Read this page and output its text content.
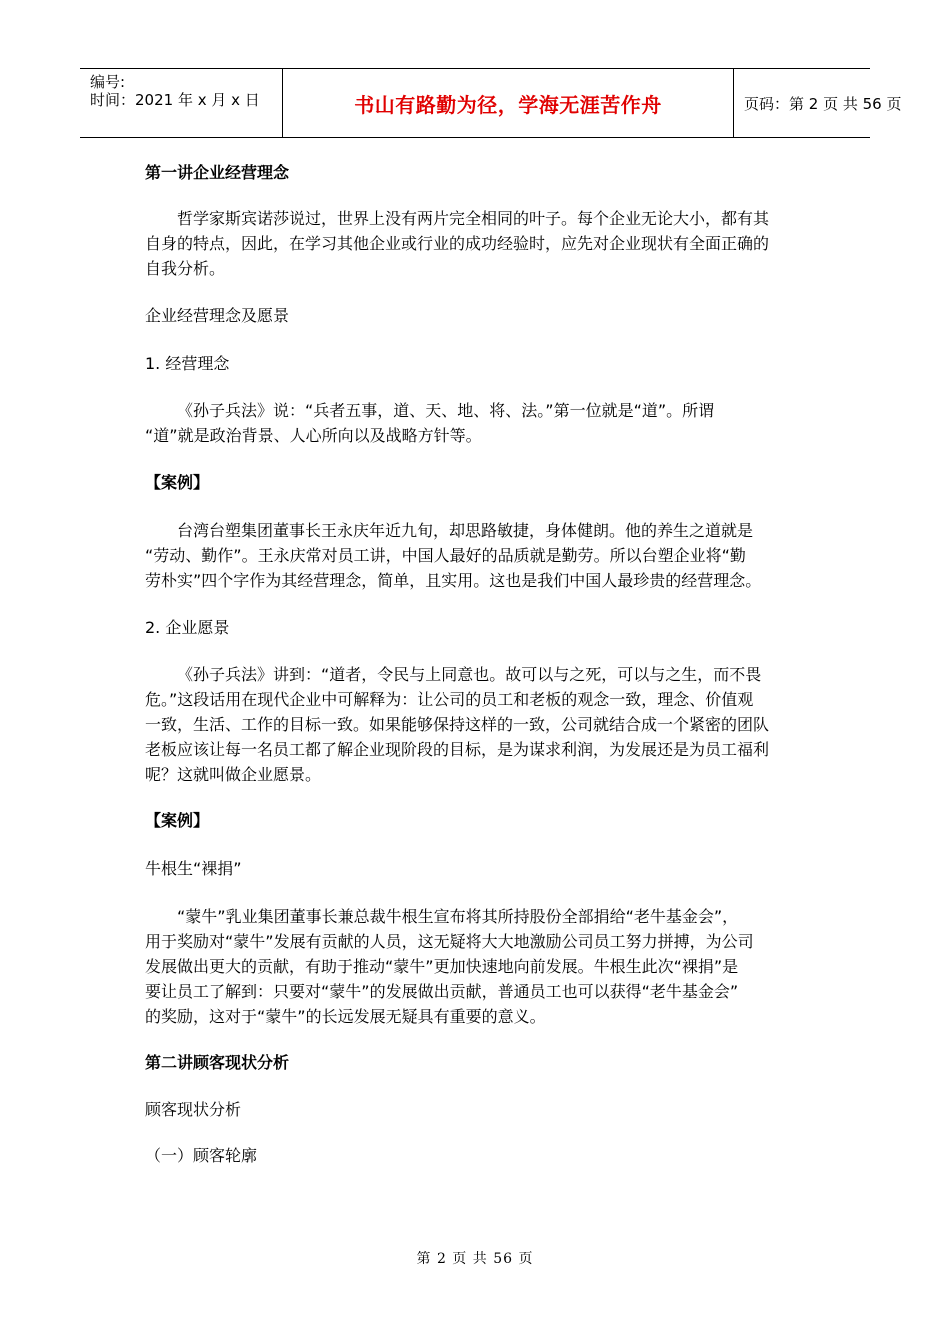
编号:
时间：2021 年 x 月 x 日	书山有路勤为径，学海无涯苦作舟	页码：第 2 页 共 56 页
第一讲企业经营理念
哲学家斯宾诺莎说过，世界上没有两片完全相同的叶子。每个企业无论大小，都有其
自身的特点，因此，在学习其他企业或行业的成功经验时，应先对企业现状有全面正确的
自我分析。
企业经营理念及愿景
1. 经营理念
《孙子兵法》说：“兵者五事，道、天、地、将、法。”第一位就是“道”。所谓
“道”就是政治背景、人心所向以及战略方针等。
【案例】
台湾台塑集团董事长王永庆年近九旬，却思路敏捷，身体健朗。他的养生之道就是
“劳动、勤作”。王永庆常对员工讲，中国人最好的品质就是勤劳。所以台塑企业将“勤
劳朴实”四个字作为其经营理念，简单，且实用。这也是我们中国人最珍贵的经营理念。
2. 企业愿景
《孙子兵法》讲到：“道者，令民与上同意也。故可以与之死，可以与之生，而不畏
危。”这段话用在现代企业中可解释为：让公司的员工和老板的观念一致，理念、价值观
一致，生活、工作的目标一致。如果能够保持这样的一致，公司就结合成一个紧密的团队
老板应该让每一名员工都了解企业现阶段的目标，是为谋求利润，为发展还是为员工福利
呢？这就叫做企业愿景。
【案例】
牛根生“裸捐”
“蒙牛”乳业集团董事长兼总裁牛根生宣布将其所持股份全部捐给“老牛基金会”，
用于奖励对“蒙牛”发展有贡献的人员，这无疑将大大地激励公司员工努力拼搏，为公司
发展做出更大的贡献，有助于推动“蒙牛”更加快速地向前发展。牛根生此次“裸捐”是
要让员工了解到：只要对“蒙牛”的发展做出贡献，普通员工也可以获得“老牛基金会”
的奖励，这对于“蒙牛”的长远发展无疑具有重要的意义。
第二讲顾客现状分析
顾客现状分析
（一）顾客轮廓
第 2 页 共 56 页
